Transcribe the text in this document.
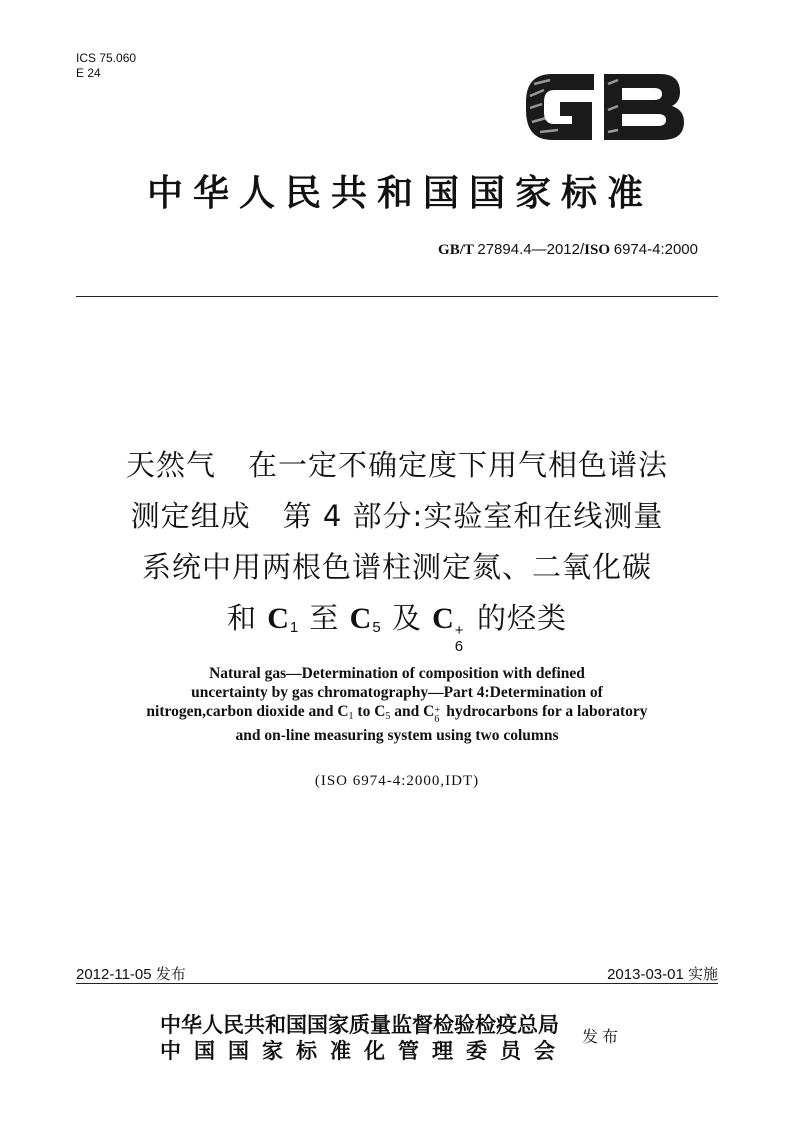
ICS 75.060
E 24
中华人民共和国国家标准
GB/T 27894.4—2012/ISO 6974-4:2000
天然气 在一定不确定度下用气相色谱法
测定组成 第 4 部分:实验室和在线测量
系统中用两根色谱柱测定氮、二氧化碳
和 C1 至 C5 及 C +
6
的烃类
Natural gas—Determination of composition with defined
uncertainty by gas chromatography—Part 4:Determination of
nitrogen,carbon dioxide and C1 to C5 and C +
6 hydrocarbons for a laboratory
and on-line measuring system using two columns
(ISO 6974-4:2000,IDT)
2012-11-05 发布	2013-03-01 实施
中华人民共和国国家质量监督检验检疫总局
中国国家标准化管理委员会
发布
